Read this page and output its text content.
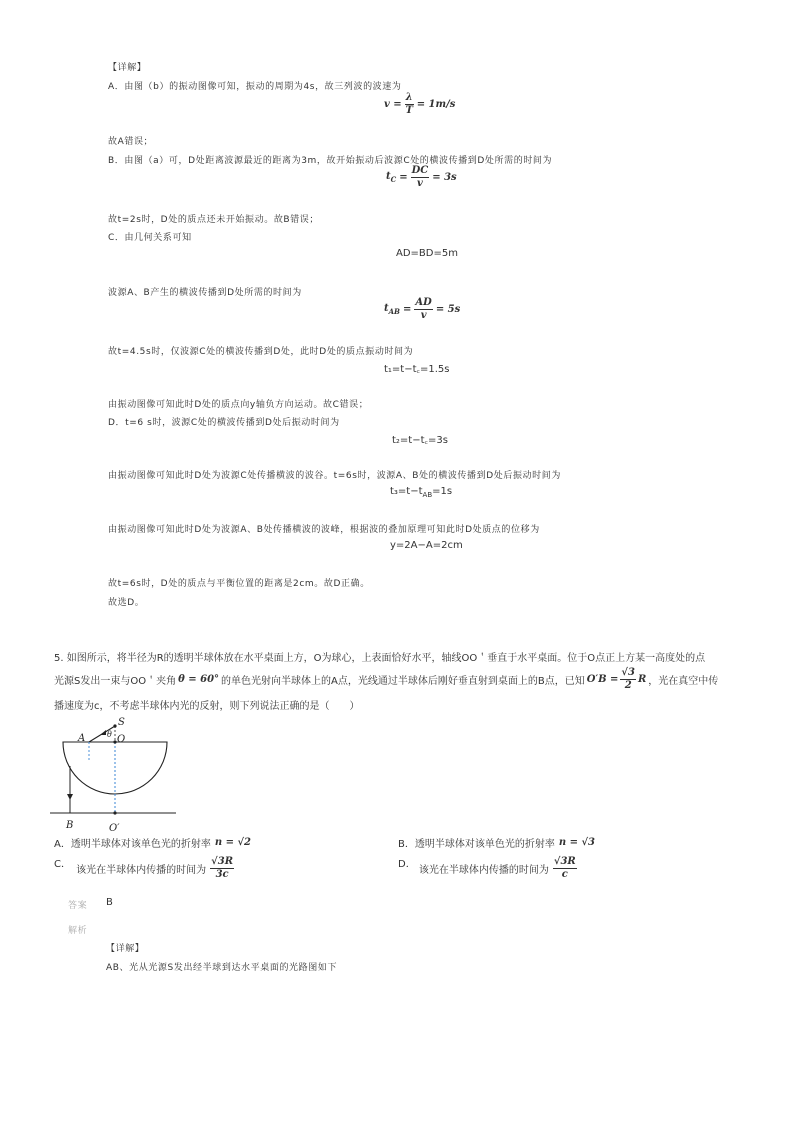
【详解】
A．由图（b）的振动图像可知，振动的周期为4s，故三列波的波速为
$v = \frac{\lambda}{T} = 1m/s$
故A错误；
B．由图（a）可，D处距离波源最近的距离为3m，故开始振动后波源C处的横波传播到D处所需的时间为
$t_C = \frac{DC}{v} = 3s$
故t=2s时，D处的质点还未开始振动。故B错误；
C．由几何关系可知
AD=BD=5m
波源A、B产生的横波传播到D处所需的时间为
$t_{AB} = \frac{AD}{v} = 5s$
故t=4.5s时，仅波源C处的横波传播到D处，此时D处的质点振动时间为
t₁=t−t꜀=1.5s
由振动图像可知此时D处的质点向y轴负方向运动。故C错误；
D．t=6 s时，波源C处的横波传播到D处后振动时间为
t₂=t−t꜀=3s
由振动图像可知此时D处为波源C处传播横波的波谷。t=6s时，波源A、B处的横波传播到D处后振动时间为
$t_3=t-t_{AB}=1s$
由振动图像可知此时D处为波源A、B处传播横波的波峰，根据波的叠加原理可知此时D处质点的位移为
y=2A−A=2cm
故t=6s时，D处的质点与平衡位置的距离是2cm。故D正确。
故选D。
5. 如图所示，将半径为R的透明半球体放在水平桌面上方，O为球心，上表面恰好水平，轴线OO＇垂直于水平桌面。位于O点正上方某一高度处的点
光源S发出一束与OO＇夹角 θ = 60° 的单色光射向半球体上的A点，光线通过半球体后刚好垂直射到桌面上的B点，已知 $O'B = \frac{√3}{2}$ R ，光在真空中传
播速度为c，不考虑半球体内光的反射，则下列说法正确的是（　　）
S
A	θ O
B	O′
A．透明半球体对该单色光的折射率 n = √2	B．透明半球体对该单色光的折射率 n = √3
C．
该光在半球体内传播的时间为 $\frac{√3R}{3c}$	D．
该光在半球体内传播的时间为 $\frac{√3R}{c}$
答案 B
解析
【详解】
AB、光从光源S发出经半球到达水平桌面的光路图如下
